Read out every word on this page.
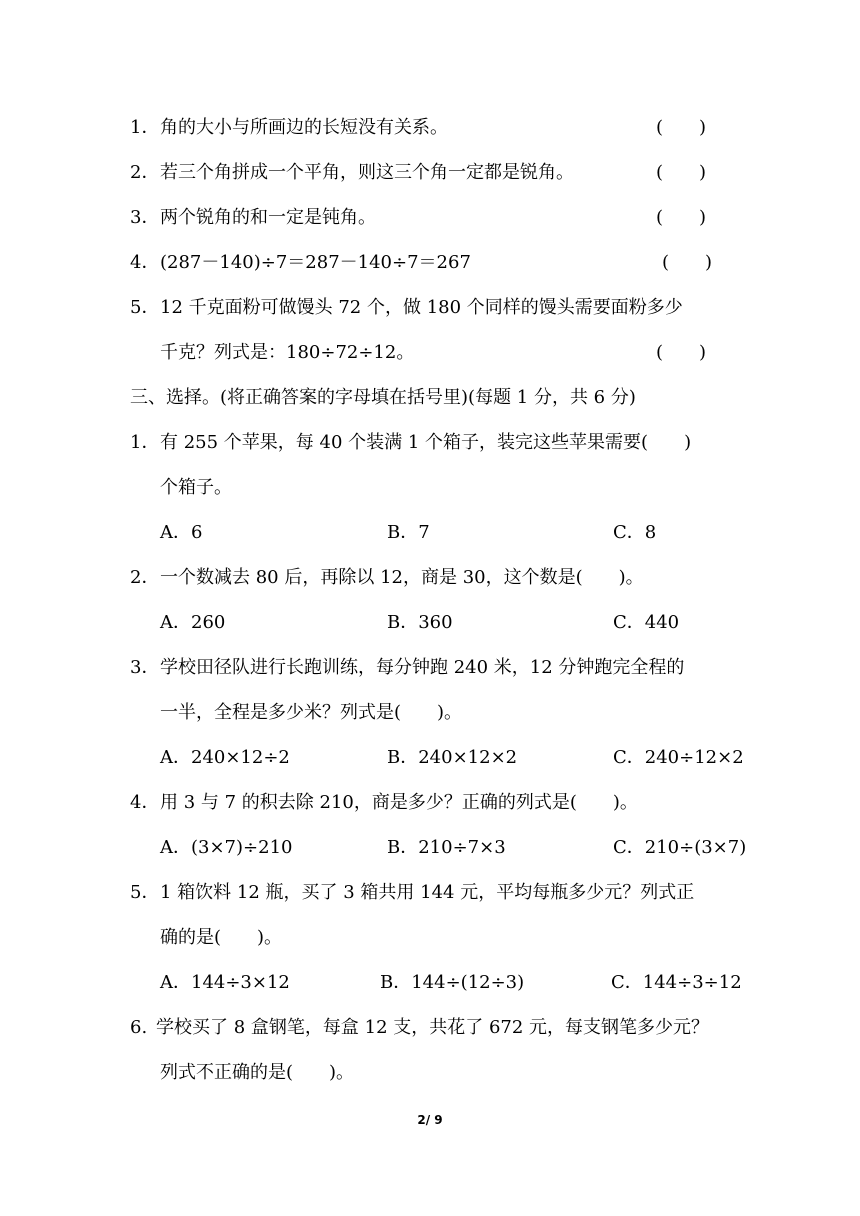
1． 角的大小与所画边的长短没有关系。	(　　)
2． 若三个角拼成一个平角，则这三个角一定都是锐角。	(　　)
3． 两个锐角的和一定是钝角。	(　　)
4． (287－140)÷7＝287－140÷7＝267	(　　)
5． 12 千克面粉可做馒头 72 个，做 180 个同样的馒头需要面粉多少
千克？列式是：180÷72÷12。	(　　)
三、选择。(将正确答案的字母填在括号里)(每题 1 分，共 6 分)
1． 有 255 个苹果，每 40 个装满 1 个箱子，装完这些苹果需要(　　)
个箱子。
A．6	B．7	C．8
2． 一个数减去 80 后，再除以 12，商是 30，这个数是(　　)。
A．260	B．360	C．440
3． 学校田径队进行长跑训练，每分钟跑 240 米，12 分钟跑完全程的
一半，全程是多少米？列式是(　　)。
A．240×12÷2	B．240×12×2	C．240÷12×2
4． 用 3 与 7 的积去除 210，商是多少？正确的列式是(　　)。
A．(3×7)÷210	B．210÷7×3	C．210÷(3×7)
5． 1 箱饮料 12 瓶，买了 3 箱共用 144 元，平均每瓶多少元？列式正
确的是(　　)。
A．144÷3×12	B．144÷(12÷3)	C．144÷3÷12
6. 学校买了 8 盒钢笔，每盒 12 支，共花了 672 元，每支钢笔多少元？
列式不正确的是(　　)。
2/ 9
